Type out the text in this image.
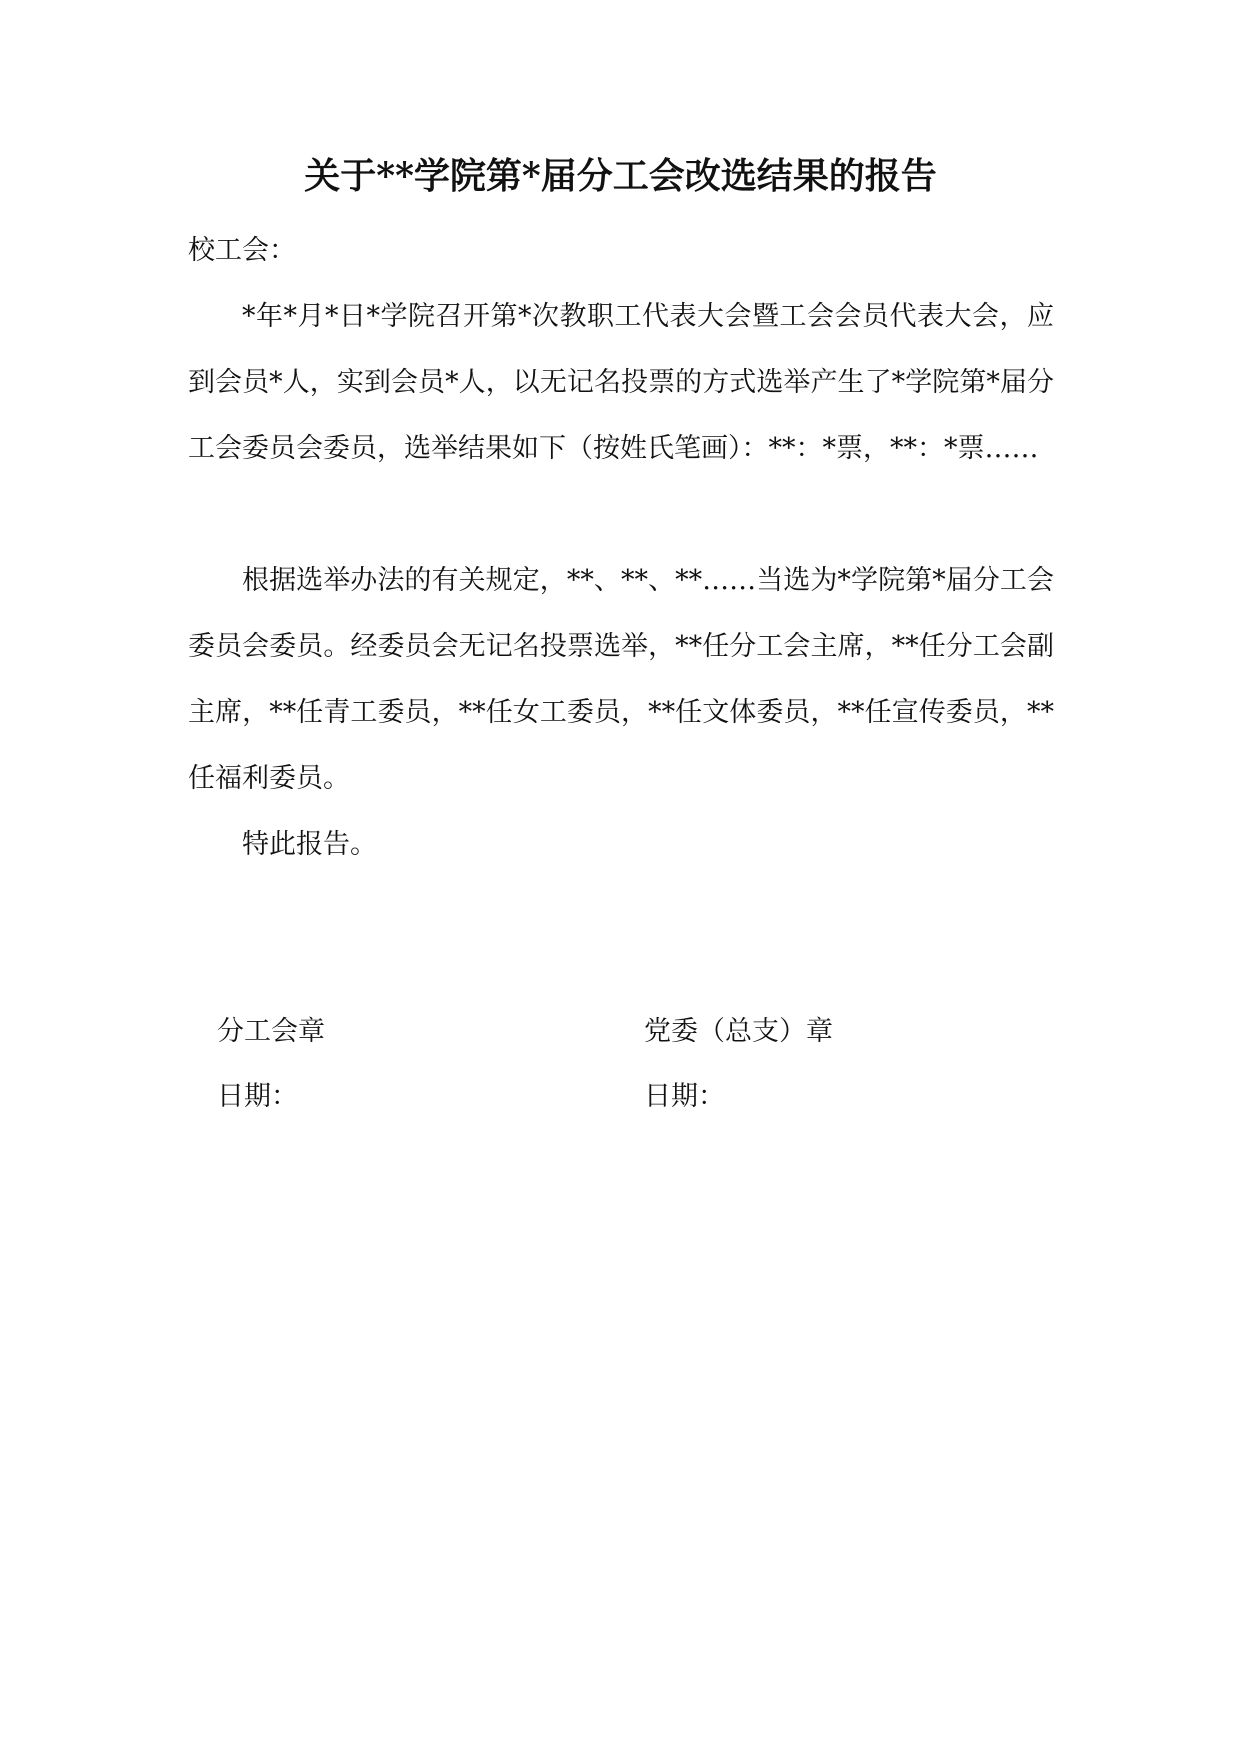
关于**学院第*届分工会改选结果的报告

校工会：

*年*月*日*学院召开第*次教职工代表大会暨工会会员代表大会，应到会员*人，实到会员*人，以无记名投票的方式选举产生了*学院第*届分工会委员会委员，选举结果如下（按姓氏笔画）：**：*票，**：*票……

根据选举办法的有关规定，**、**、**……当选为*学院第*届分工会委员会委员。经委员会无记名投票选举，**任分工会主席，**任分工会副主席，**任青工委员，**任女工委员，**任文体委员，**任宣传委员，**任福利委员。

特此报告。

分工会章
日期：
党委（总支）章
日期：
